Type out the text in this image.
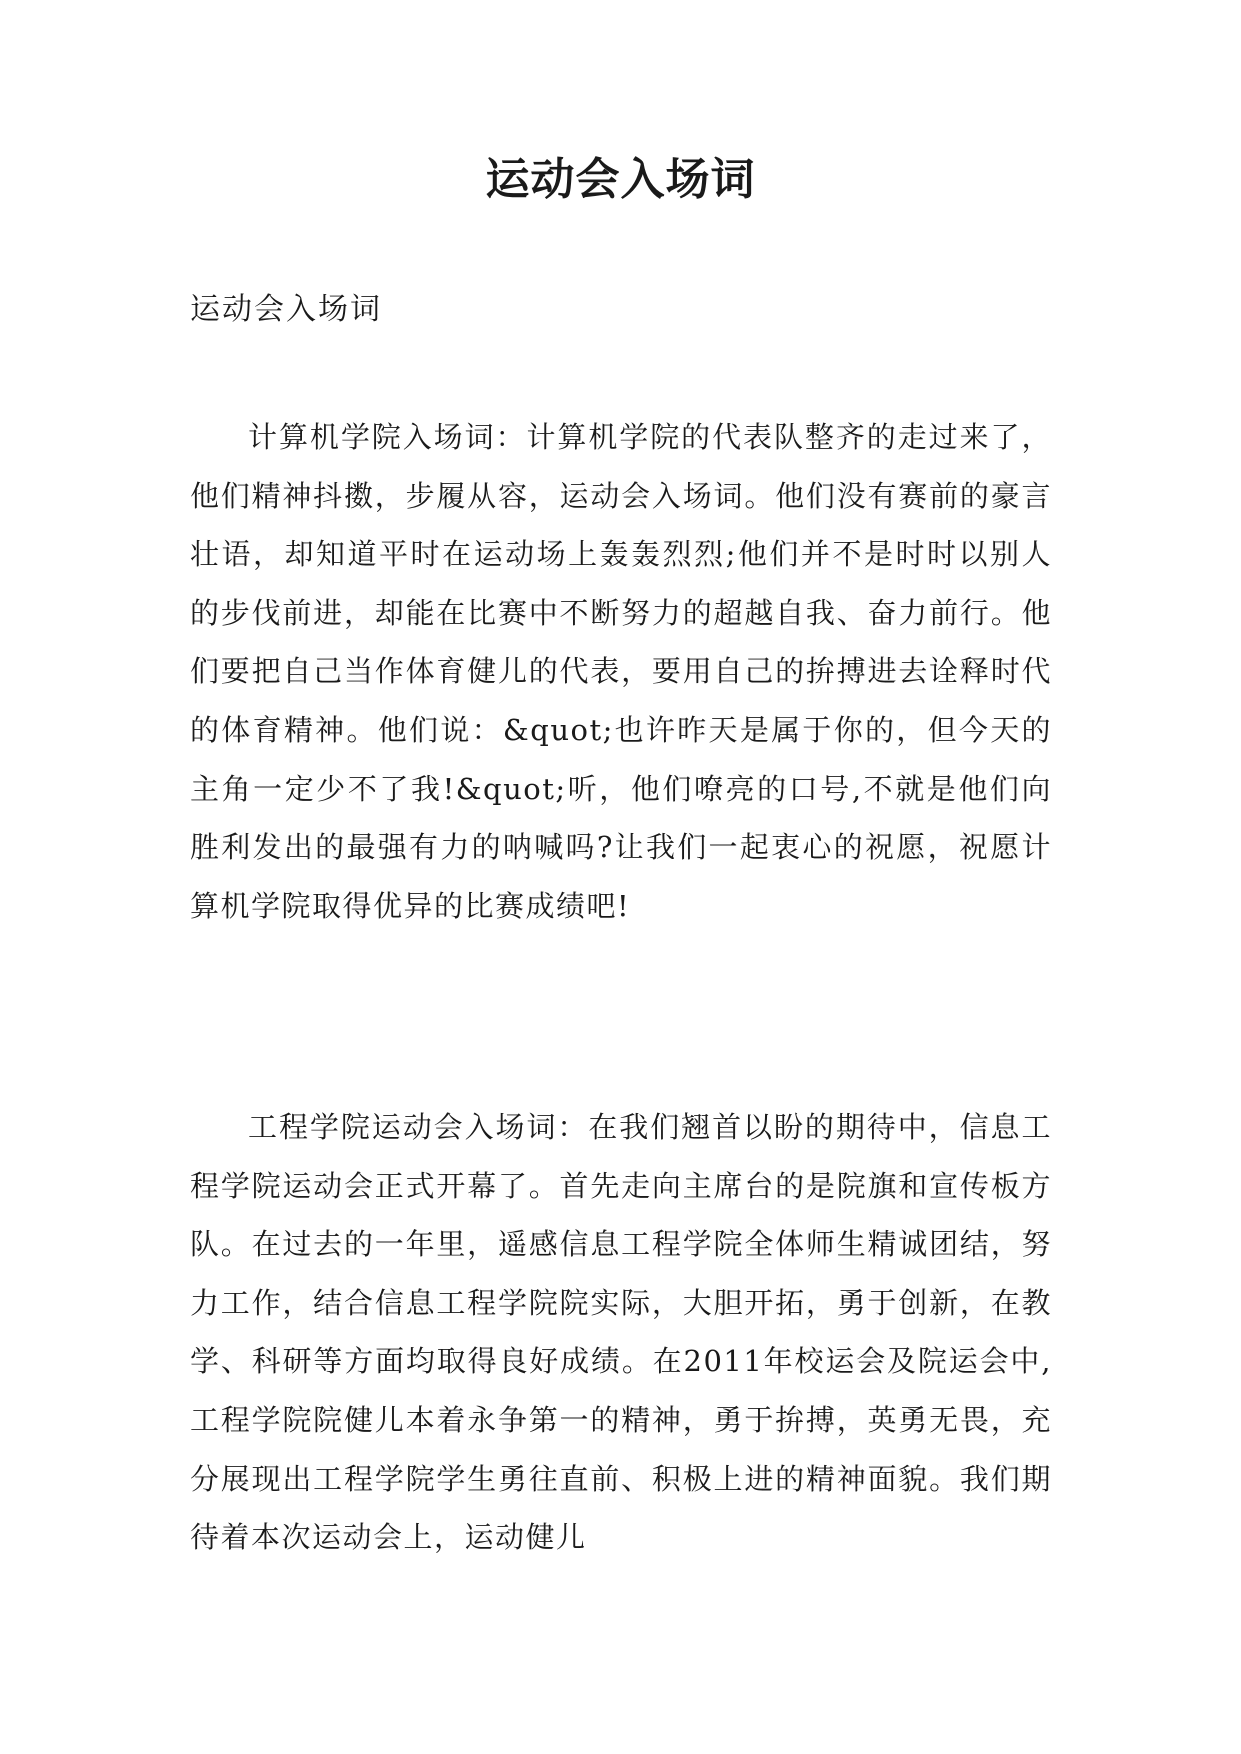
运动会入场词
运动会入场词

计算机学院入场词：计算机学院的代表队整齐的走过来了，他们精神抖擞，步履从容，运动会入场词。他们没有赛前的豪言壮语，却知道平时在运动场上轰轰烈烈;他们并不是时时以别人的步伐前进，却能在比赛中不断努力的超越自我、奋力前行。他们要把自己当作体育健儿的代表，要用自己的拚搏进去诠释时代的体育精神。他们说：&quot;也许昨天是属于你的，但今天的主角一定少不了我!&quot;听，他们嘹亮的口号,不就是他们向胜利发出的最强有力的呐喊吗?让我们一起衷心的祝愿，祝愿计算机学院取得优异的比赛成绩吧!

工程学院运动会入场词：在我们翘首以盼的期待中，信息工程学院运动会正式开幕了。首先走向主席台的是院旗和宣传板方队。在过去的一年里，遥感信息工程学院全体师生精诚团结，努力工作，结合信息工程学院院实际，大胆开拓，勇于创新，在教学、科研等方面均取得良好成绩。在2011年校运会及院运会中,工程学院院健儿本着永争第一的精神，勇于拚搏，英勇无畏，充分展现出工程学院学生勇往直前、积极上进的精神面貌。我们期待着本次运动会上，运动健儿
